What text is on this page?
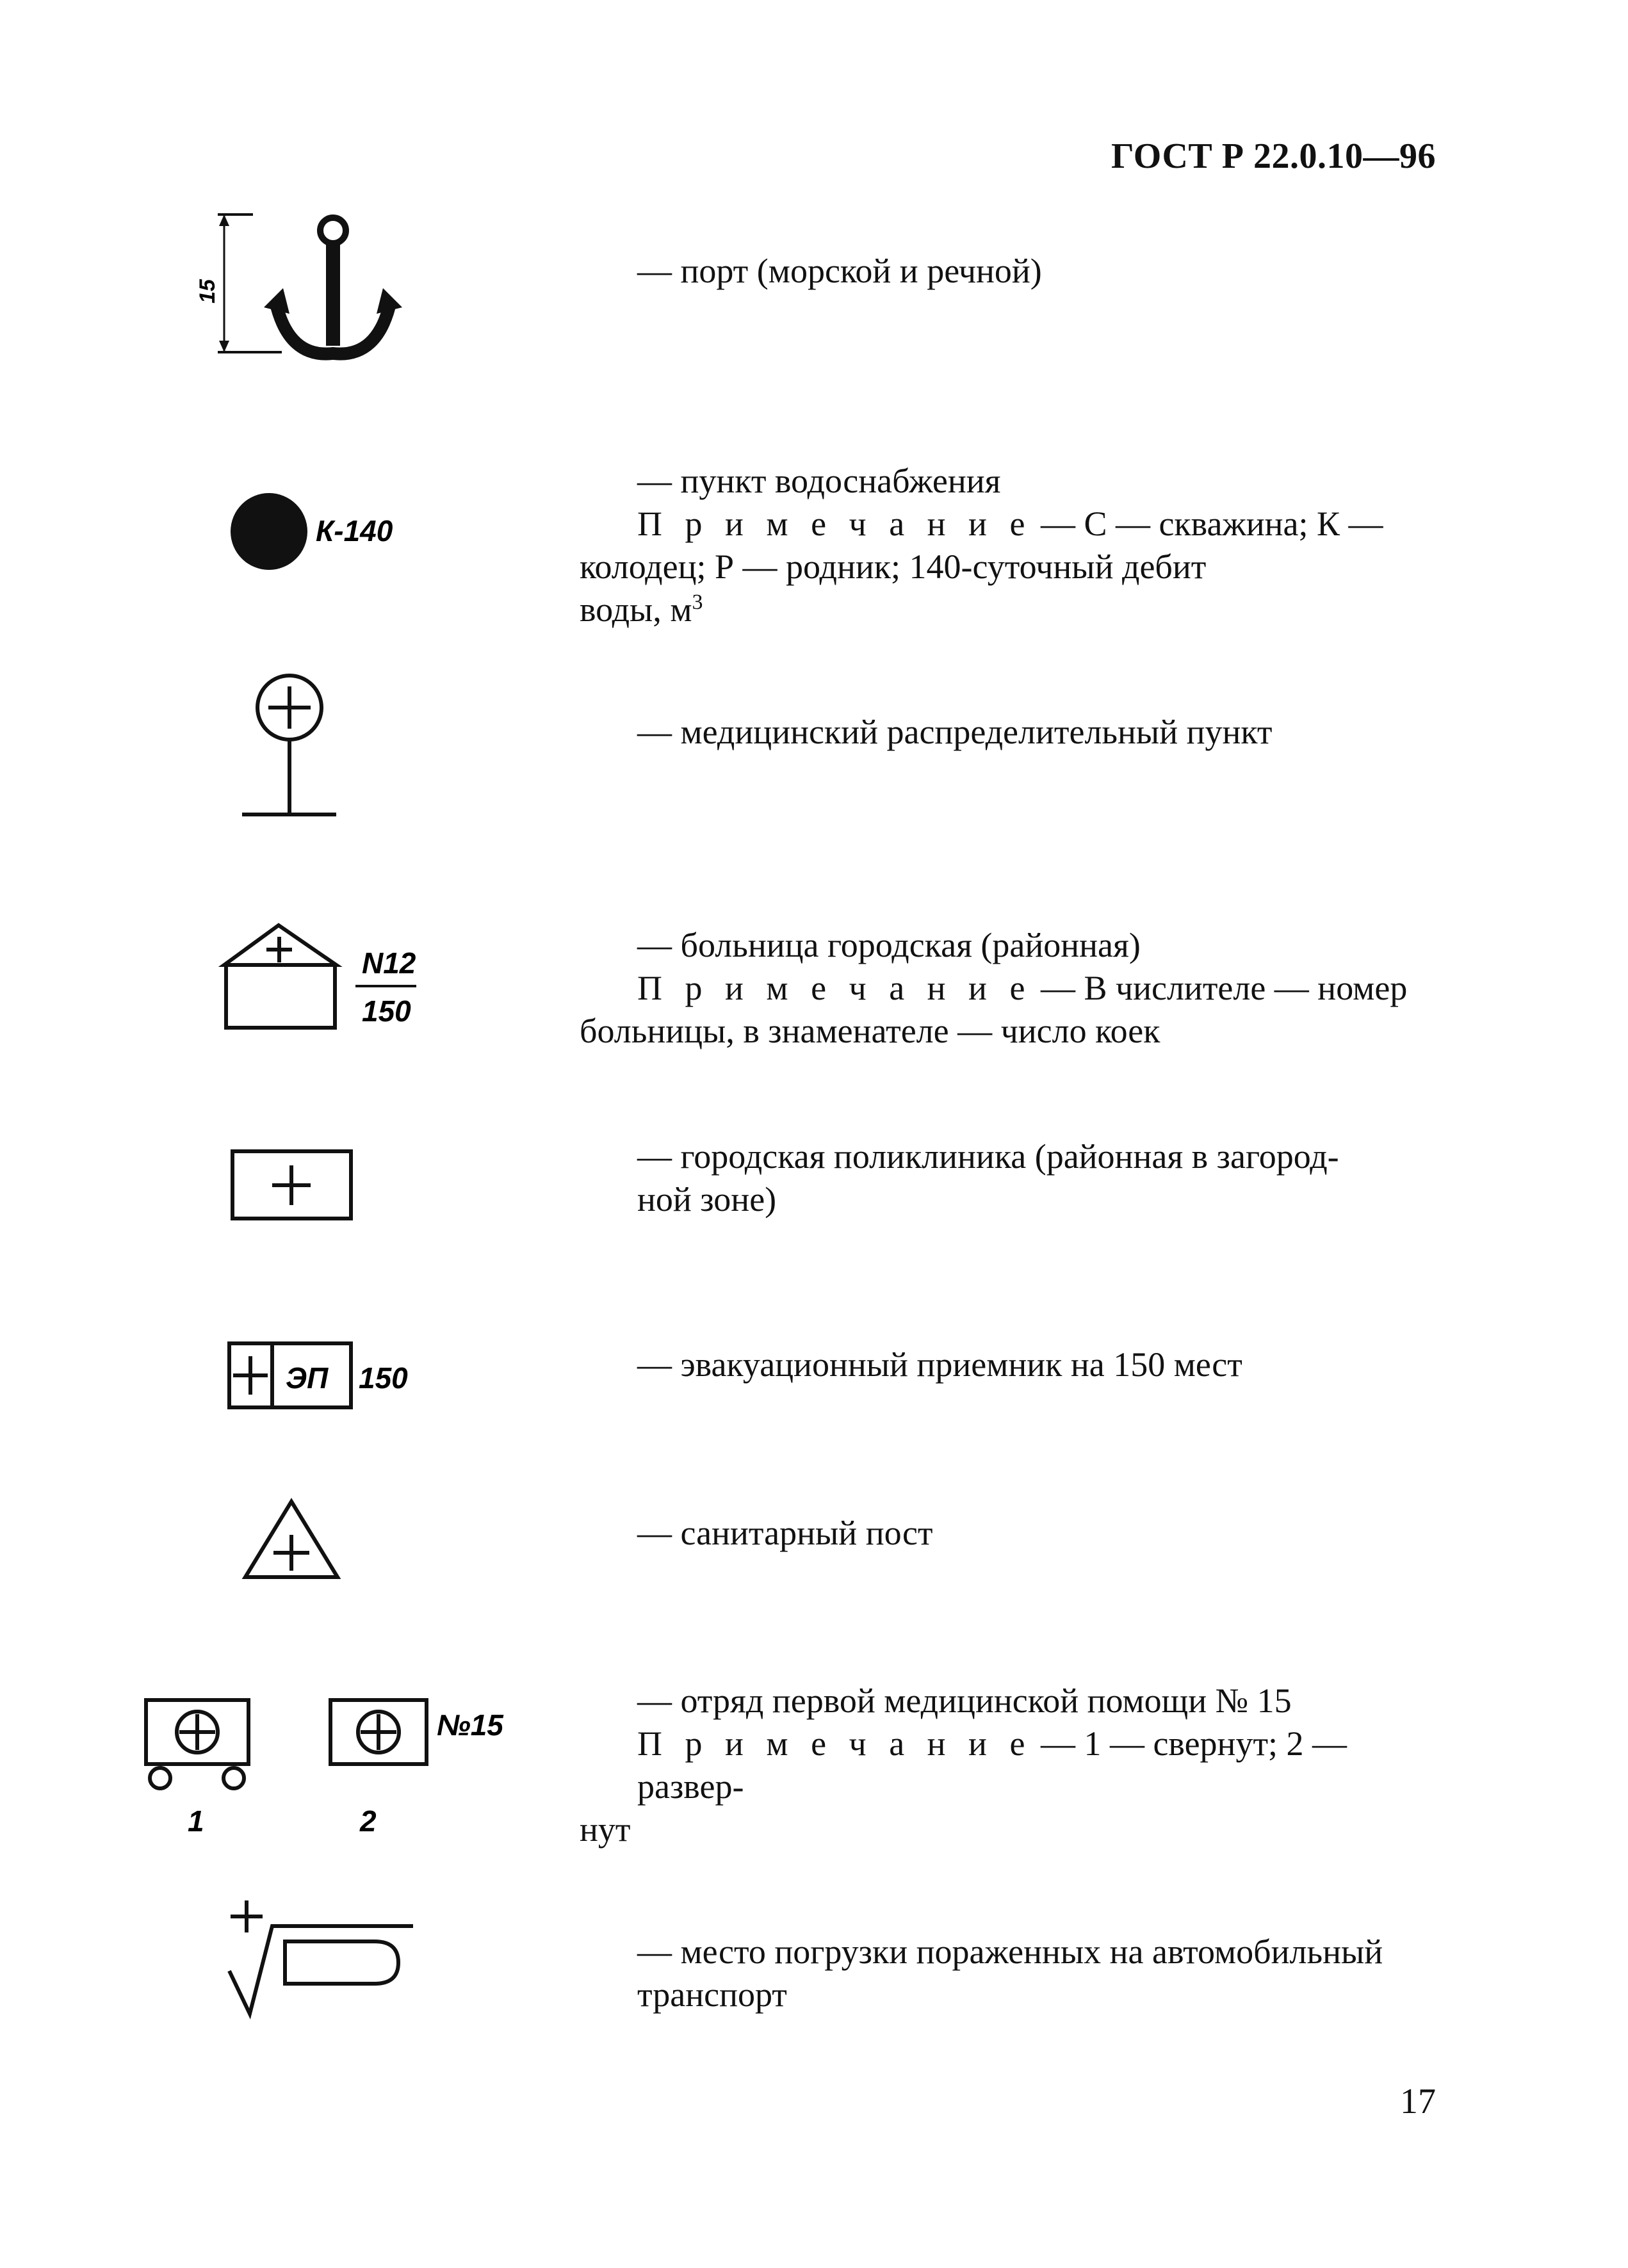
ГОСТ Р 22.0.10—96
15

— порт (морской и речной)

К-140

— пункт водоснабжения

П р и м е ч а н и е — С — скважина; К —

колодец; Р — родник; 140-суточный дебит

воды, $м^3$

— медицинский распределительный пункт

N12
150

— больница городская (районная)

П р и м е ч а н и е — В числителе — номер

больницы, в знаменателе — число коек

— городская поликлиника (районная в загород-

ной зоне)

ЭП 150	— эвакуационный приемник на 150 мест

— санитарный пост

1
№15
2

— отряд первой медицинской помощи № 15

П р и м е ч а н и е — 1 — свернут; 2 — развер-

нут

— место погрузки пораженных на автомобильный

транспорт

17
